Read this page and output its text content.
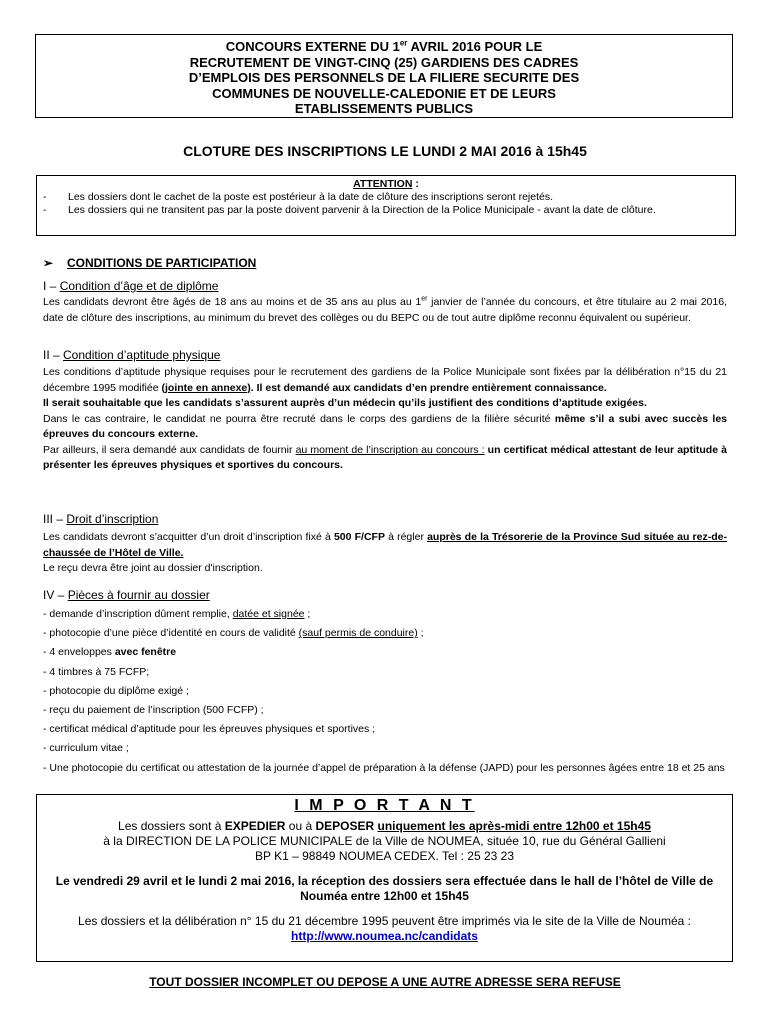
CONCOURS EXTERNE DU 1er AVRIL 2016 POUR LE
RECRUTEMENT DE VINGT-CINQ (25) GARDIENS DES CADRES
D’EMPLOIS DES PERSONNELS DE LA FILIERE SECURITE DES
COMMUNES DE NOUVELLE-CALEDONIE ET DE LEURS
ETABLISSEMENTS PUBLICS
CLOTURE DES INSCRIPTIONS LE LUNDI 2 MAI 2016 à 15h45
ATTENTION :
- Les dossiers dont le cachet de la poste est postérieur à la date de clôture des inscriptions seront rejetés.
- Les dossiers qui ne transitent pas par la poste doivent parvenir à la Direction de la Police Municipale - avant la date de clôture.
➢ CONDITIONS DE PARTICIPATION
I – Condition d’âge et de diplôme
Les candidats devront être âgés de 18 ans au moins et de 35 ans au plus au 1er janvier de l’année du concours, et être titulaire au 2 mai 2016, date de clôture des inscriptions, au minimum du brevet des collèges ou du BEPC ou de tout autre diplôme reconnu équivalent ou supérieur.
II – Condition d’aptitude physique
Les conditions d’aptitude physique requises pour le recrutement des gardiens de la Police Municipale sont fixées par la délibération n°15 du 21 décembre 1995 modifiée (jointe en annexe). Il est demandé aux candidats d’en prendre entièrement connaissance.
Il serait souhaitable que les candidats s’assurent auprès d’un médecin qu’ils justifient des conditions d’aptitude exigées.
Dans le cas contraire, le candidat ne pourra être recruté dans le corps des gardiens de la filière sécurité même s’il a subi avec succès les épreuves du concours externe.
Par ailleurs, il sera demandé aux candidats de fournir au moment de l’inscription au concours : un certificat médical attestant de leur aptitude à présenter les épreuves physiques et sportives du concours.
III – Droit d’inscription
Les candidats devront s’acquitter d’un droit d’inscription fixé à 500 F/CFP à régler auprès de la Trésorerie de la Province Sud située au rez-de-chaussée de l’Hôtel de Ville.
Le reçu devra être joint au dossier d'inscription.
IV – Pièces à fournir au dossier
- demande d’inscription dûment remplie, datée et signée ;
- photocopie d’une pièce d’identité en cours de validité (sauf permis de conduire) ;
- 4 enveloppes avec fenêtre
- 4 timbres à 75 FCFP;
- photocopie du diplôme exigé ;
- reçu du paiement de l’inscription (500 FCFP) ;
- certificat médical d’aptitude pour les épreuves physiques et sportives ;
- curriculum vitae ;
- Une photocopie du certificat ou attestation de la journée d’appel de préparation à la défense (JAPD) pour les personnes âgées entre 18 et 25 ans
I M P O R T A N T
Les dossiers sont à EXPEDIER ou à DEPOSER uniquement les après-midi entre 12h00 et 15h45
à la DIRECTION DE LA POLICE MUNICIPALE de la Ville de NOUMEA, située 10, rue du Général Gallieni
BP K1 – 98849 NOUMEA CEDEX. Tel : 25 23 23
Le vendredi 29 avril et le lundi 2 mai 2016, la réception des dossiers sera effectuée dans le hall de l’hôtel de Ville de Nouméa entre 12h00 et 15h45
Les dossiers et la délibération n° 15 du 21 décembre 1995 peuvent être imprimés via le site de la Ville de Nouméa : http://www.noumea.nc/candidats
TOUT DOSSIER INCOMPLET OU DEPOSE A UNE AUTRE ADRESSE SERA REFUSE
